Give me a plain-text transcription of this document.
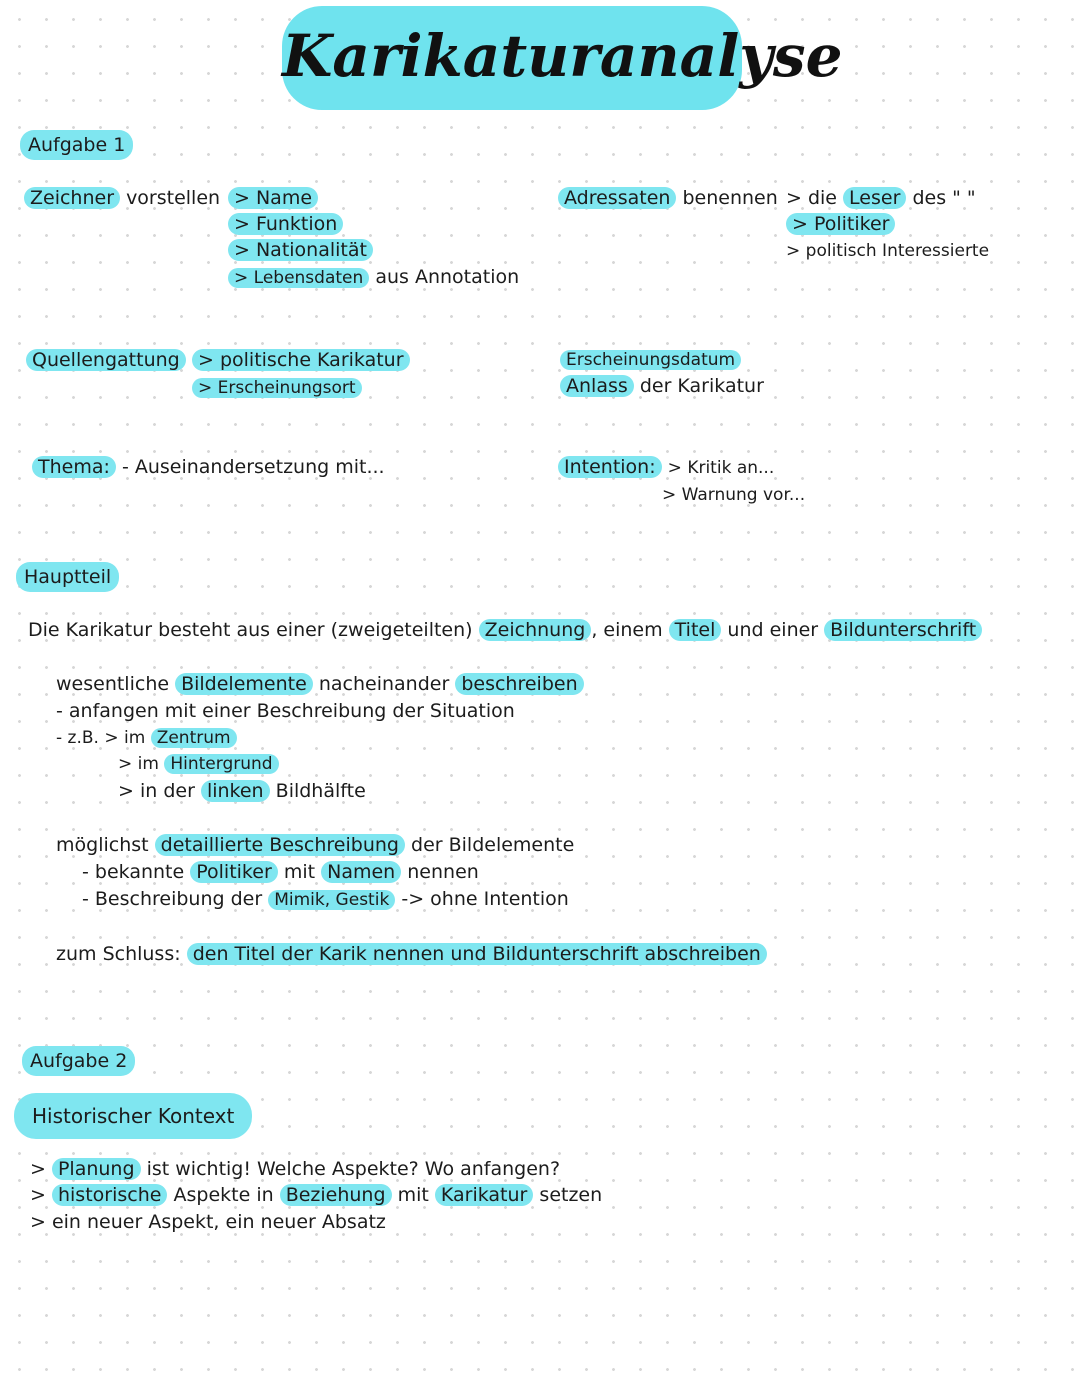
Karikaturanalyse
Aufgabe 1
Zeichner vorstellen > Name
> Funktion
> Nationalität
> Lebensdaten aus Annotation
Adressaten benennen > die Leser des " "
> Politiker
> politisch Interessierte
Quellengattung > politische Karikatur
> Erscheinungsort
Erscheinungsdatum
Anlass der Karikatur
Thema: - Auseinandersetzung mit...	Intention: > Kritik an...
> Warnung vor...
Hauptteil
Die Karikatur besteht aus einer (zweigeteilten) Zeichnung , einem Titel und einer Bildunterschrift
wesentliche Bildelemente nacheinander beschreiben
- anfangen mit einer Beschreibung der Situation
- z.B. > im Zentrum
> im Hintergrund
> in der linken Bildhälfte
möglichst detaillierte Beschreibung der Bildelemente
- bekannte Politiker mit Namen nennen
- Beschreibung der Mimik, Gestik -> ohne Intention
zum Schluss: den Titel der Karik nennen und Bildunterschrift abschreiben
Aufgabe 2
Historischer Kontext
> Planung ist wichtig! Welche Aspekte? Wo anfangen?
> historische Aspekte in Beziehung mit Karikatur setzen
> ein neuer Aspekt, ein neuer Absatz
